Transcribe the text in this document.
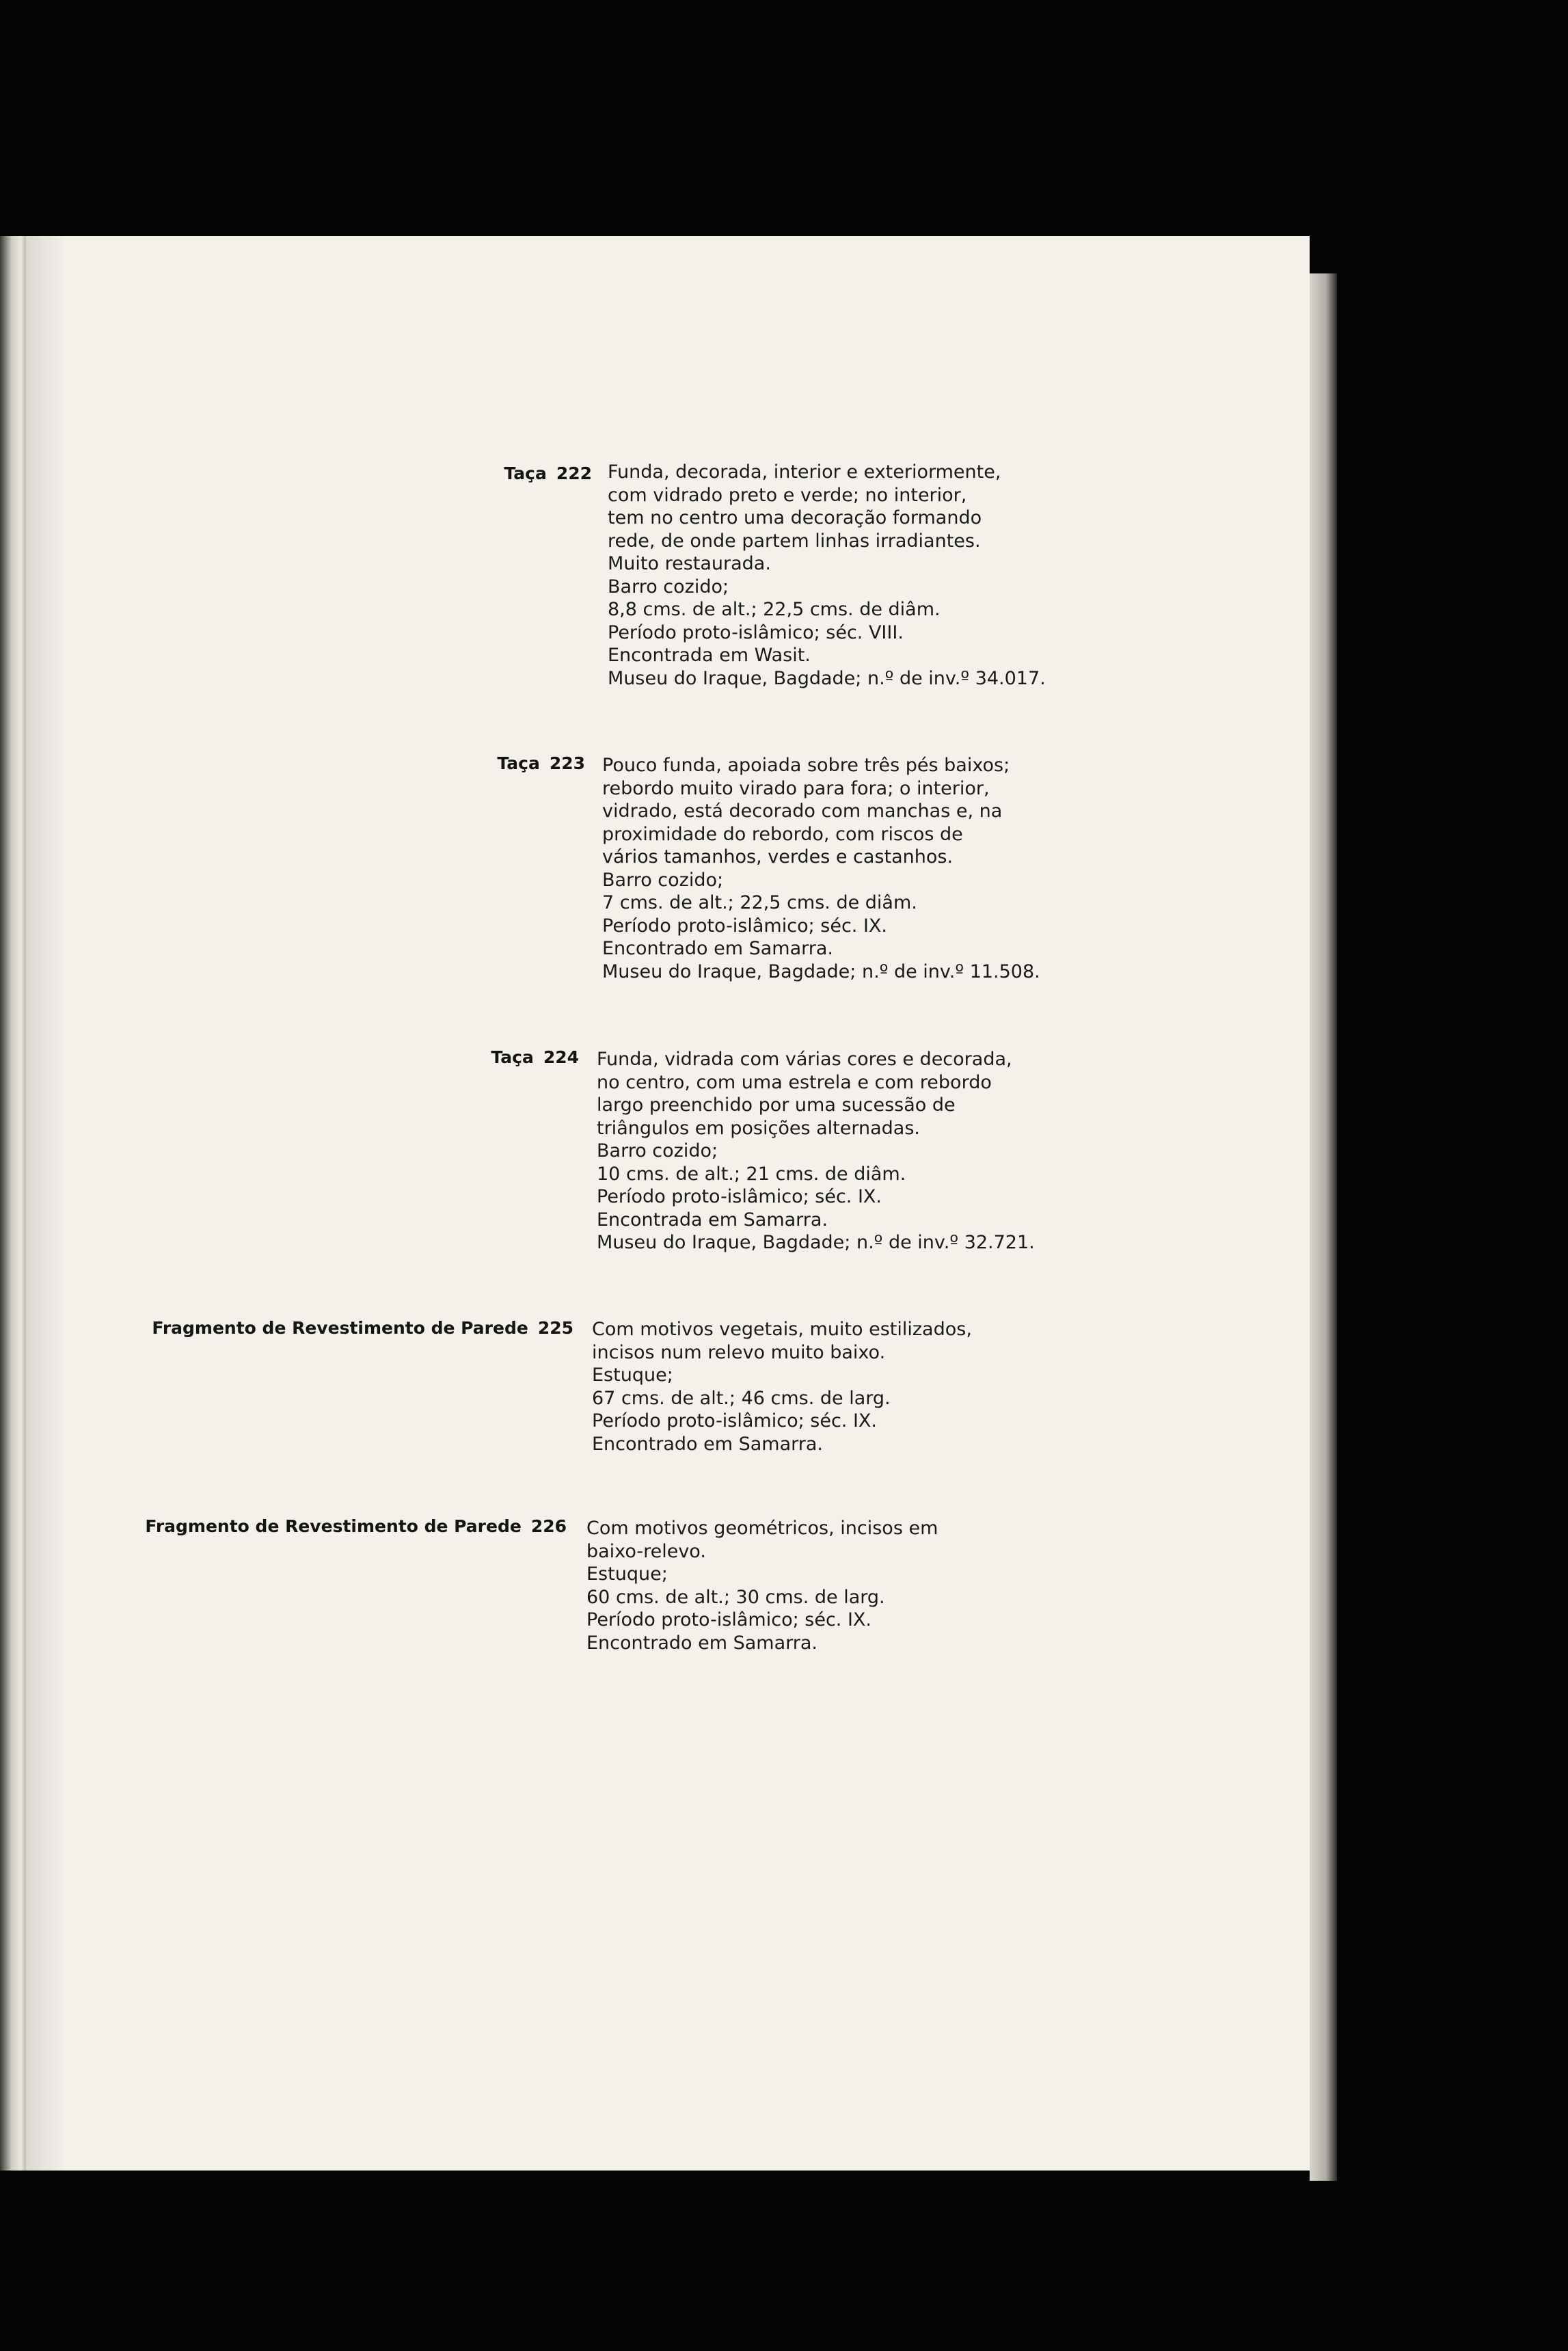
Taça 222 Funda, decorada, interior e exteriormente,
com vidrado preto e verde; no interior,
tem no centro uma decoração formando
rede, de onde partem linhas irradiantes.
Muito restaurada.
Barro cozido;
8,8 cms. de alt.; 22,5 cms. de diâm.
Período proto-islâmico; séc. VIII.
Encontrada em Wasit.
Museu do Iraque, Bagdade; n.º de inv.º 34.017.
Taça 223 Pouco funda, apoiada sobre três pés baixos;
rebordo muito virado para fora; o interior,
vidrado, está decorado com manchas e, na
proximidade do rebordo, com riscos de
vários tamanhos, verdes e castanhos.
Barro cozido;
7 cms. de alt.; 22,5 cms. de diâm.
Período proto-islâmico; séc. IX.
Encontrado em Samarra.
Museu do Iraque, Bagdade; n.º de inv.º 11.508.
Taça 224 Funda, vidrada com várias cores e decorada,
no centro, com uma estrela e com rebordo
largo preenchido por uma sucessão de
triângulos em posições alternadas.
Barro cozido;
10 cms. de alt.; 21 cms. de diâm.
Período proto-islâmico; séc. IX.
Encontrada em Samarra.
Museu do Iraque, Bagdade; n.º de inv.º 32.721.
Fragmento de Revestimento de Parede 225 Com motivos vegetais, muito estilizados,
incisos num relevo muito baixo.
Estuque;
67 cms. de alt.; 46 cms. de larg.
Período proto-islâmico; séc. IX.
Encontrado em Samarra.
Fragmento de Revestimento de Parede 226 Com motivos geométricos, incisos em
baixo-relevo.
Estuque;
60 cms. de alt.; 30 cms. de larg.
Período proto-islâmico; séc. IX.
Encontrado em Samarra.
